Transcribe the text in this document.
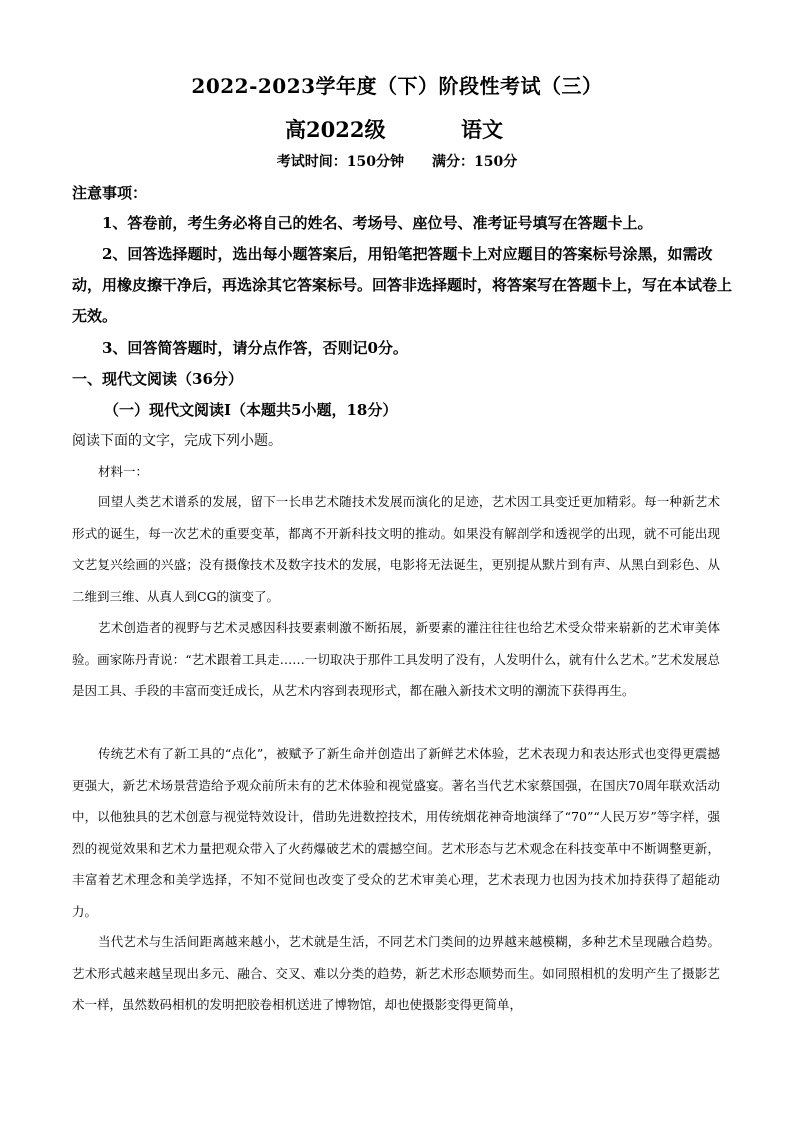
2022-2023学年度（下）阶段性考试（三）
高2022级	语文
考试时间：150分钟 满分：150分
注意事项：
1、答卷前，考生务必将自己的姓名、考场号、座位号、准考证号填写在答题卡上。
2、回答选择题时，选出每小题答案后，用铅笔把答题卡上对应题目的答案标号涂黑，如需改动，用橡皮擦干净后，再选涂其它答案标号。回答非选择题时，将答案写在答题卡上，写在本试卷上无效。
3、回答简答题时，请分点作答，否则记0分。
一、现代文阅读（36分）
（一）现代文阅读Ⅰ（本题共5小题，18分）
阅读下面的文字，完成下列小题。
材料一：
回望人类艺术谱系的发展，留下一长串艺术随技术发展而演化的足迹，艺术因工具变迁更加精彩。每一种新艺术形式的诞生，每一次艺术的重要变革，都离不开新科技文明的推动。如果没有解剖学和透视学的出现，就不可能出现文艺复兴绘画的兴盛；没有摄像技术及数字技术的发展，电影将无法诞生，更别提从默片到有声、从黑白到彩色、从二维到三维、从真人到CG的演变了。
艺术创造者的视野与艺术灵感因科技要素刺激不断拓展，新要素的灌注往往也给艺术受众带来崭新的艺术审美体验。画家陈丹青说：“艺术跟着工具走……一切取决于那件工具发明了没有，人发明什么，就有什么艺术。”艺术发展总是因工具、手段的丰富而变迁成长，从艺术内容到表现形式，都在融入新技术文明的潮流下获得再生。
传统艺术有了新工具的“点化”，被赋予了新生命并创造出了新鲜艺术体验，艺术表现力和表达形式也变得更震撼更强大，新艺术场景营造给予观众前所未有的艺术体验和视觉盛宴。著名当代艺术家蔡国强，在国庆70周年联欢活动中，以他独具的艺术创意与视觉特效设计，借助先进数控技术，用传统烟花神奇地演绎了“70”“人民万岁”等字样，强烈的视觉效果和艺术力量把观众带入了火药爆破艺术的震撼空间。艺术形态与艺术观念在科技变革中不断调整更新，丰富着艺术理念和美学选择，不知不觉间也改变了受众的艺术审美心理，艺术表现力也因为技术加持获得了超能动力。
当代艺术与生活间距离越来越小，艺术就是生活，不同艺术门类间的边界越来越模糊，多种艺术呈现融合趋势。艺术形式越来越呈现出多元、融合、交叉、难以分类的趋势，新艺术形态顺势而生。如同照相机的发明产生了摄影艺术一样，虽然数码相机的发明把胶卷相机送进了博物馆，却也使摄影变得更简单，
